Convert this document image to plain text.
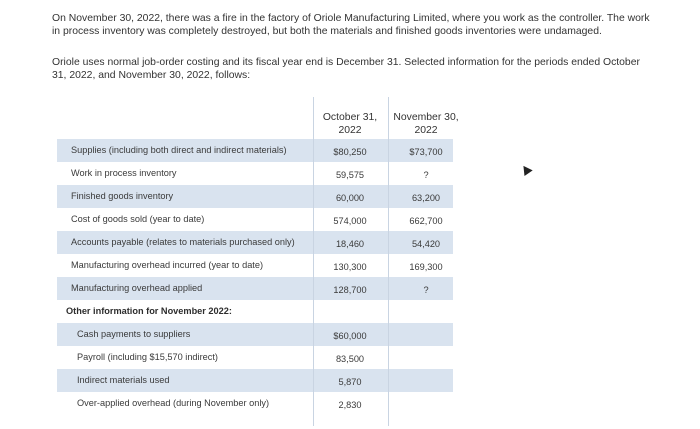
On November 30, 2022, there was a fire in the factory of Oriole Manufacturing Limited, where you work as the controller. The work in process inventory was completely destroyed, but both the materials and finished goods inventories were undamaged.
Oriole uses normal job-order costing and its fiscal year end is December 31. Selected information for the periods ended October 31, 2022, and November 30, 2022, follows:
October 31, 2022
November 30, 2022
Supplies (including both direct and indirect materials)	$80,250	$73,700
Work in process inventory	59,575	?
Finished goods inventory	60,000	63,200
Cost of goods sold (year to date)	574,000	662,700
Accounts payable (relates to materials purchased only)	18,460	54,420
Manufacturing overhead incurred (year to date)	130,300	169,300
Manufacturing overhead applied	128,700	?
Other information for November 2022:
Cash payments to suppliers	$60,000
Payroll (including $15,570 indirect)	83,500
Indirect materials used	5,870
Over-applied overhead (during November only)	2,830
